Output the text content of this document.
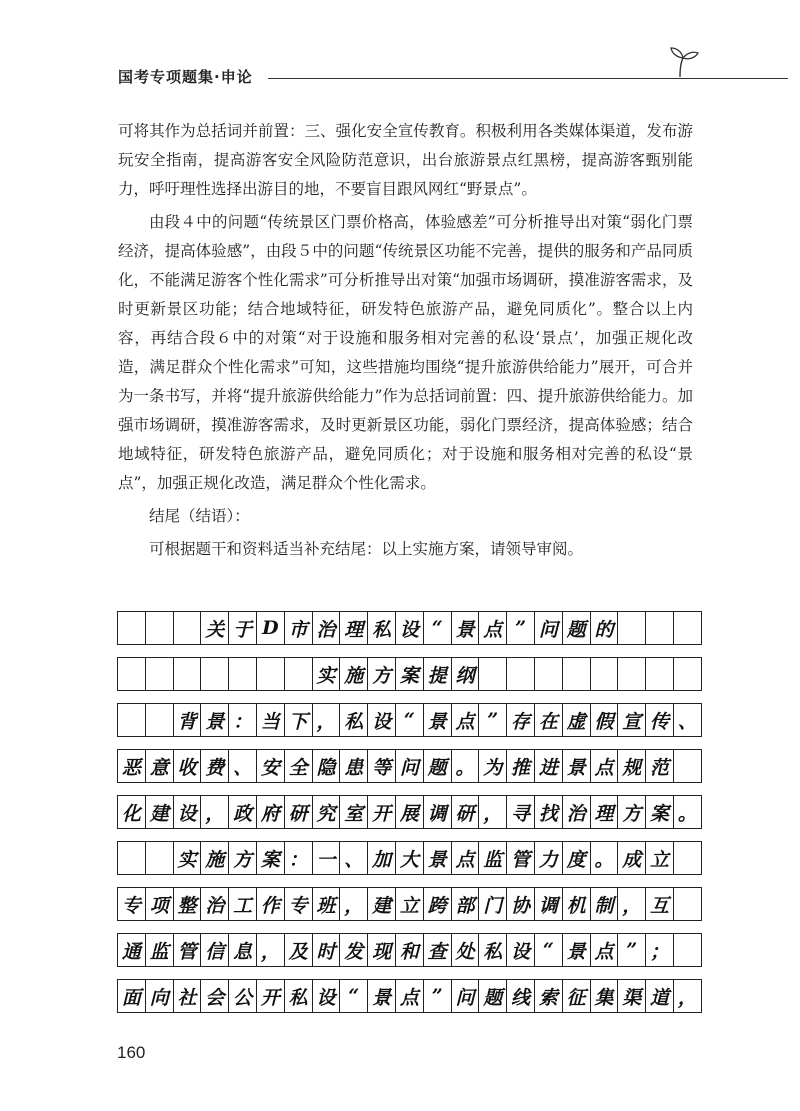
国考专项题集·申论

可将其作为总括词并前置：三、强化安全宣传教育。积极利用各类媒体渠道，发布游玩安全指南，提高游客安全风险防范意识，出台旅游景点红黑榜，提高游客甄别能力，呼吁理性选择出游目的地，不要盲目跟风网红“野景点”。

由段４中的问题“传统景区门票价格高，体验感差”可分析推导出对策“弱化门票经济，提高体验感”，由段５中的问题“传统景区功能不完善，提供的服务和产品同质化，不能满足游客个性化需求”可分析推导出对策“加强市场调研，摸准游客需求，及时更新景区功能；结合地域特征，研发特色旅游产品，避免同质化”。整合以上内容，再结合段６中的对策“对于设施和服务相对完善的私设‘景点’，加强正规化改造，满足群众个性化需求”可知，这些措施均围绕“提升旅游供给能力”展开，可合并为一条书写，并将“提升旅游供给能力”作为总括词前置：四、提升旅游供给能力。加强市场调研，摸准游客需求，及时更新景区功能，弱化门票经济，提高体验感；结合地域特征，研发特色旅游产品，避免同质化；对于设施和服务相对完善的私设“景点”，加强正规化改造，满足群众个性化需求。

结尾（结语）：

可根据题干和资料适当补充结尾：以上实施方案，请领导审阅。

关 于 D 市 治 理 私 设 “ 景 点 ” 问 题 的
实 施 方 案 提 纲
背 景 ： 当 下 ， 私 设 “ 景 点 ” 存 在 虚 假 宣 传 、
恶 意 收 费 、 安 全 隐 患 等 问 题 。 为 推 进 景 点 规 范
化 建 设 ， 政 府 研 究 室 开 展 调 研 ， 寻 找 治 理 方 案 。
实 施 方 案 ： 一 、 加 大 景 点 监 管 力 度 。 成 立
专 项 整 治 工 作 专 班 ， 建 立 跨 部 门 协 调 机 制 ， 互
通 监 管 信 息 ， 及 时 发 现 和 查 处 私 设 “ 景 点 ” ；
面 向 社 会 公 开 私 设 “ 景 点 ” 问 题 线 索 征 集 渠 道 ，
160
